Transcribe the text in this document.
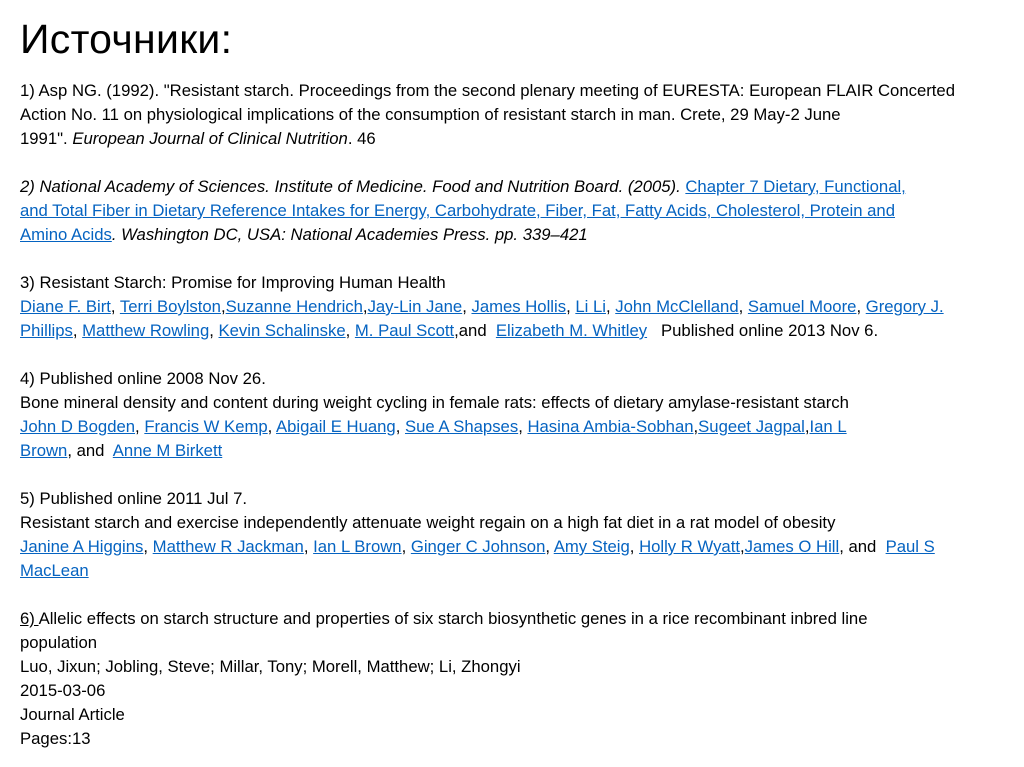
Источники:

1) Asp NG. (1992). "Resistant starch. Proceedings from the second plenary meeting of EURESTA: European FLAIR Concerted
Action No. 11 on physiological implications of the consumption of resistant starch in man. Crete, 29 May-2 June
1991". European Journal of Clinical Nutrition. 46

2) National Academy of Sciences. Institute of Medicine. Food and Nutrition Board. (2005). Chapter 7 Dietary, Functional,
and Total Fiber in Dietary Reference Intakes for Energy, Carbohydrate, Fiber, Fat, Fatty Acids, Cholesterol, Protein and
Amino Acids. Washington DC, USA: National Academies Press. pp. 339–421

3) Resistant Starch: Promise for Improving Human Health
Diane F. Birt, Terri Boylston,Suzanne Hendrich,Jay-Lin Jane, James Hollis, Li Li, John McClelland, Samuel Moore, Gregory J.
Phillips, Matthew Rowling, Kevin Schalinske, M. Paul Scott,and Elizabeth M. Whitley Published online 2013 Nov 6.

4) Published online 2008 Nov 26.
Bone mineral density and content during weight cycling in female rats: effects of dietary amylase-resistant starch
John D Bogden, Francis W Kemp, Abigail E Huang, Sue A Shapses, Hasina Ambia-Sobhan,Sugeet Jagpal,Ian L
Brown, and Anne M Birkett

5) Published online 2011 Jul 7.
Resistant starch and exercise independently attenuate weight regain on a high fat diet in a rat model of obesity
Janine A Higgins, Matthew R Jackman, Ian L Brown, Ginger C Johnson, Amy Steig, Holly R Wyatt,James O Hill, and Paul S
MacLean

6) Allelic effects on starch structure and properties of six starch biosynthetic genes in a rice recombinant inbred line
population
Luo, Jixun; Jobling, Steve; Millar, Tony; Morell, Matthew; Li, Zhongyi
2015-03-06
Journal Article
Pages:13
